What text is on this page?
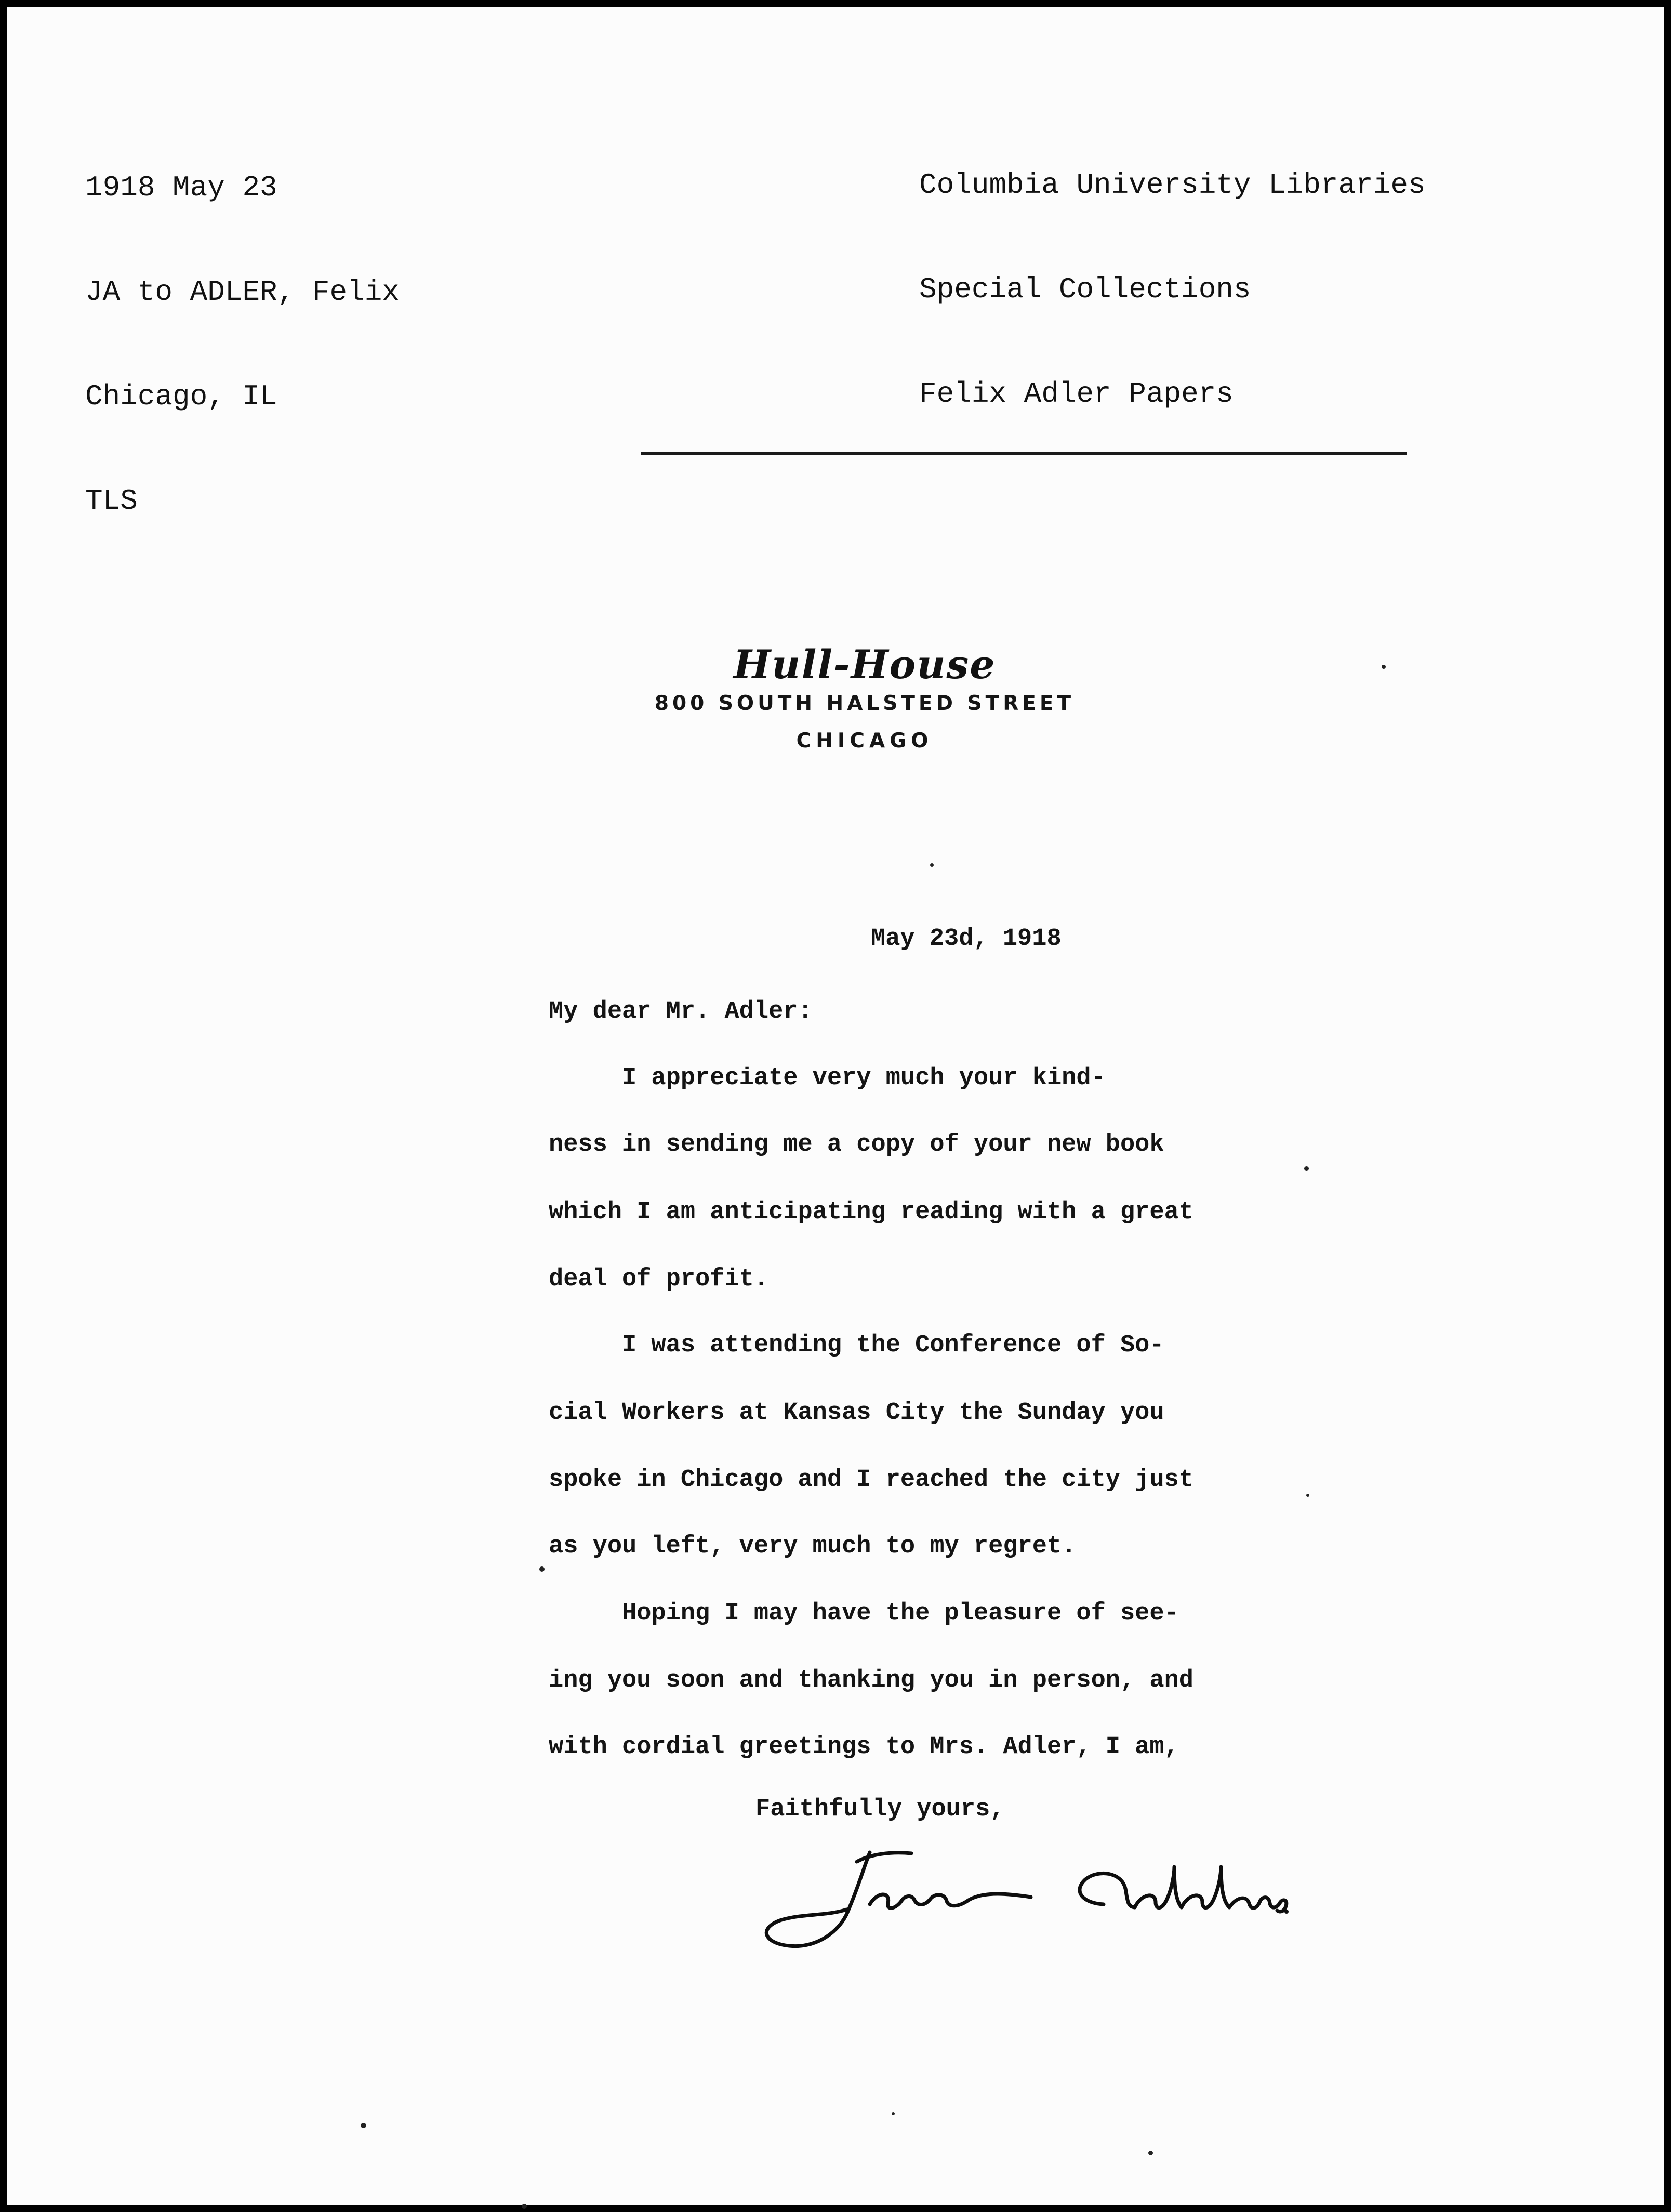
1918 May 23

JA to ADLER, Felix

Chicago, IL

TLS

Columbia University Libraries

Special Collections

Felix Adler Papers

Hull-House
800 SOUTH HALSTED STREET
CHICAGO
May 23d, 1918
My dear Mr. Adler:
I appreciate very much your kind-
ness in sending me a copy of your new book
which I am anticipating reading with a great
deal of profit.
I was attending the Conference of So-
cial Workers at Kansas City the Sunday you
spoke in Chicago and I reached the city just
as you left, very much to my regret.
Hoping I may have the pleasure of see-
ing you soon and thanking you in person, and
with cordial greetings to Mrs. Adler, I am,
Faithfully yours,
